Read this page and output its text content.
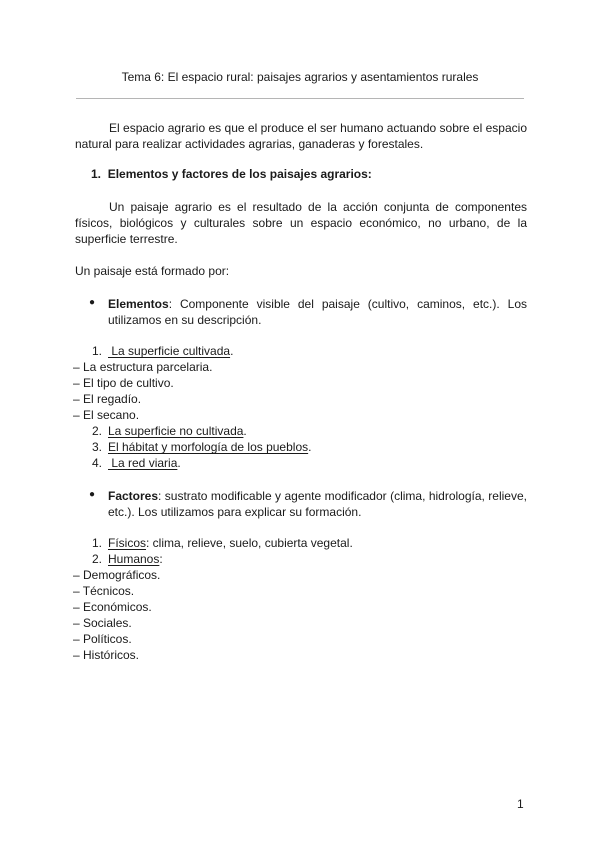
Tema 6: El espacio rural: paisajes agrarios y asentamientos rurales
El espacio agrario es que el produce el ser humano actuando sobre el espacio natural para realizar actividades agrarias, ganaderas y forestales.
1. Elementos y factores de los paisajes agrarios:
Un paisaje agrario es el resultado de la acción conjunta de componentes físicos, biológicos y culturales sobre un espacio económico, no urbano, de la superficie terrestre.
Un paisaje está formado por:
● Elementos: Componente visible del paisaje (cultivo, caminos, etc.). Los utilizamos en su descripción.
1. La superficie cultivada.
– La estructura parcelaria.
– El tipo de cultivo.
– El regadío.
– El secano.
2. La superficie no cultivada.
3. El hábitat y morfología de los pueblos.
4. La red viaria.
● Factores: sustrato modificable y agente modificador (clima, hidrología, relieve, etc.). Los utilizamos para explicar su formación.
1. Físicos: clima, relieve, suelo, cubierta vegetal.
2. Humanos:
– Demográficos.
– Técnicos.
– Económicos.
– Sociales.
– Políticos.
– Históricos.
1
